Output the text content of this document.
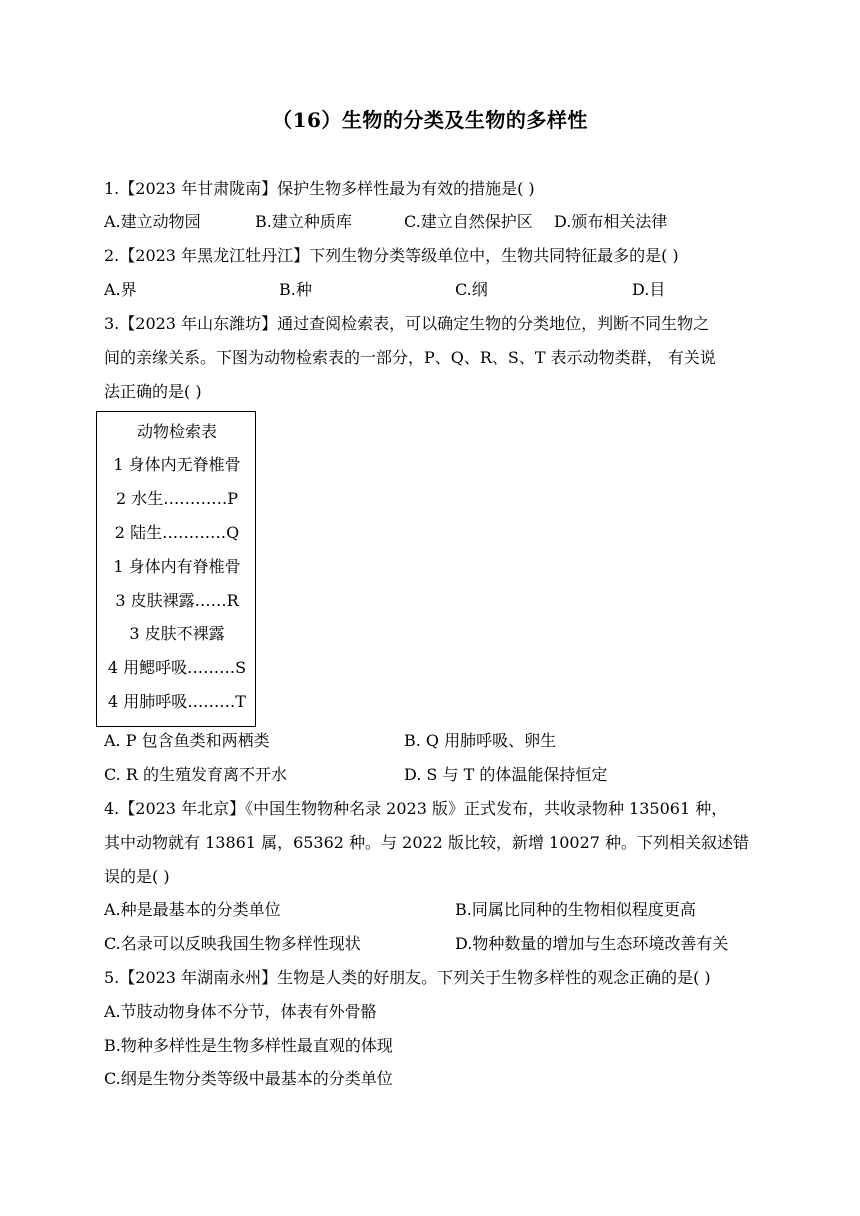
（16）生物的分类及生物的多样性
1.【2023 年甘肃陇南】保护生物多样性最为有效的措施是( )
A.建立动物园	B.建立种质库	C.建立自然保护区 D.颁布相关法律
2.【2023 年黑龙江牡丹江】下列生物分类等级单位中，生物共同特征最多的是( )
A.界	B.种	C.纲	D.目
3.【2023 年山东潍坊】通过查阅检索表，可以确定生物的分类地位，判断不同生物之
间的亲缘关系。下图为动物检索表的一部分，P、Q、R、S、T 表示动物类群， 有关说
法正确的是( )
动物检索表
1 身体内无脊椎骨
2 水生…………P
2 陆生…………Q
1 身体内有脊椎骨
3 皮肤裸露……R
3 皮肤不裸露
4 用鳃呼吸………S
4 用肺呼吸………T
A. P 包含鱼类和两栖类	B. Q 用肺呼吸、卵生
C. R 的生殖发育离不开水	D. S 与 T 的体温能保持恒定
4.【2023 年北京】《中国生物物种名录 2023 版》正式发布，共收录物种 135061 种，
其中动物就有 13861 属，65362 种。与 2022 版比较，新增 10027 种。下列相关叙述错
误的是( )
A.种是最基本的分类单位	B.同属比同种的生物相似程度更高
C.名录可以反映我国生物多样性现状	D.物种数量的增加与生态环境改善有关
5.【2023 年湖南永州】生物是人类的好朋友。下列关于生物多样性的观念正确的是( )
A.节肢动物身体不分节，体表有外骨骼
B.物种多样性是生物多样性最直观的体现
C.纲是生物分类等级中最基本的分类单位
